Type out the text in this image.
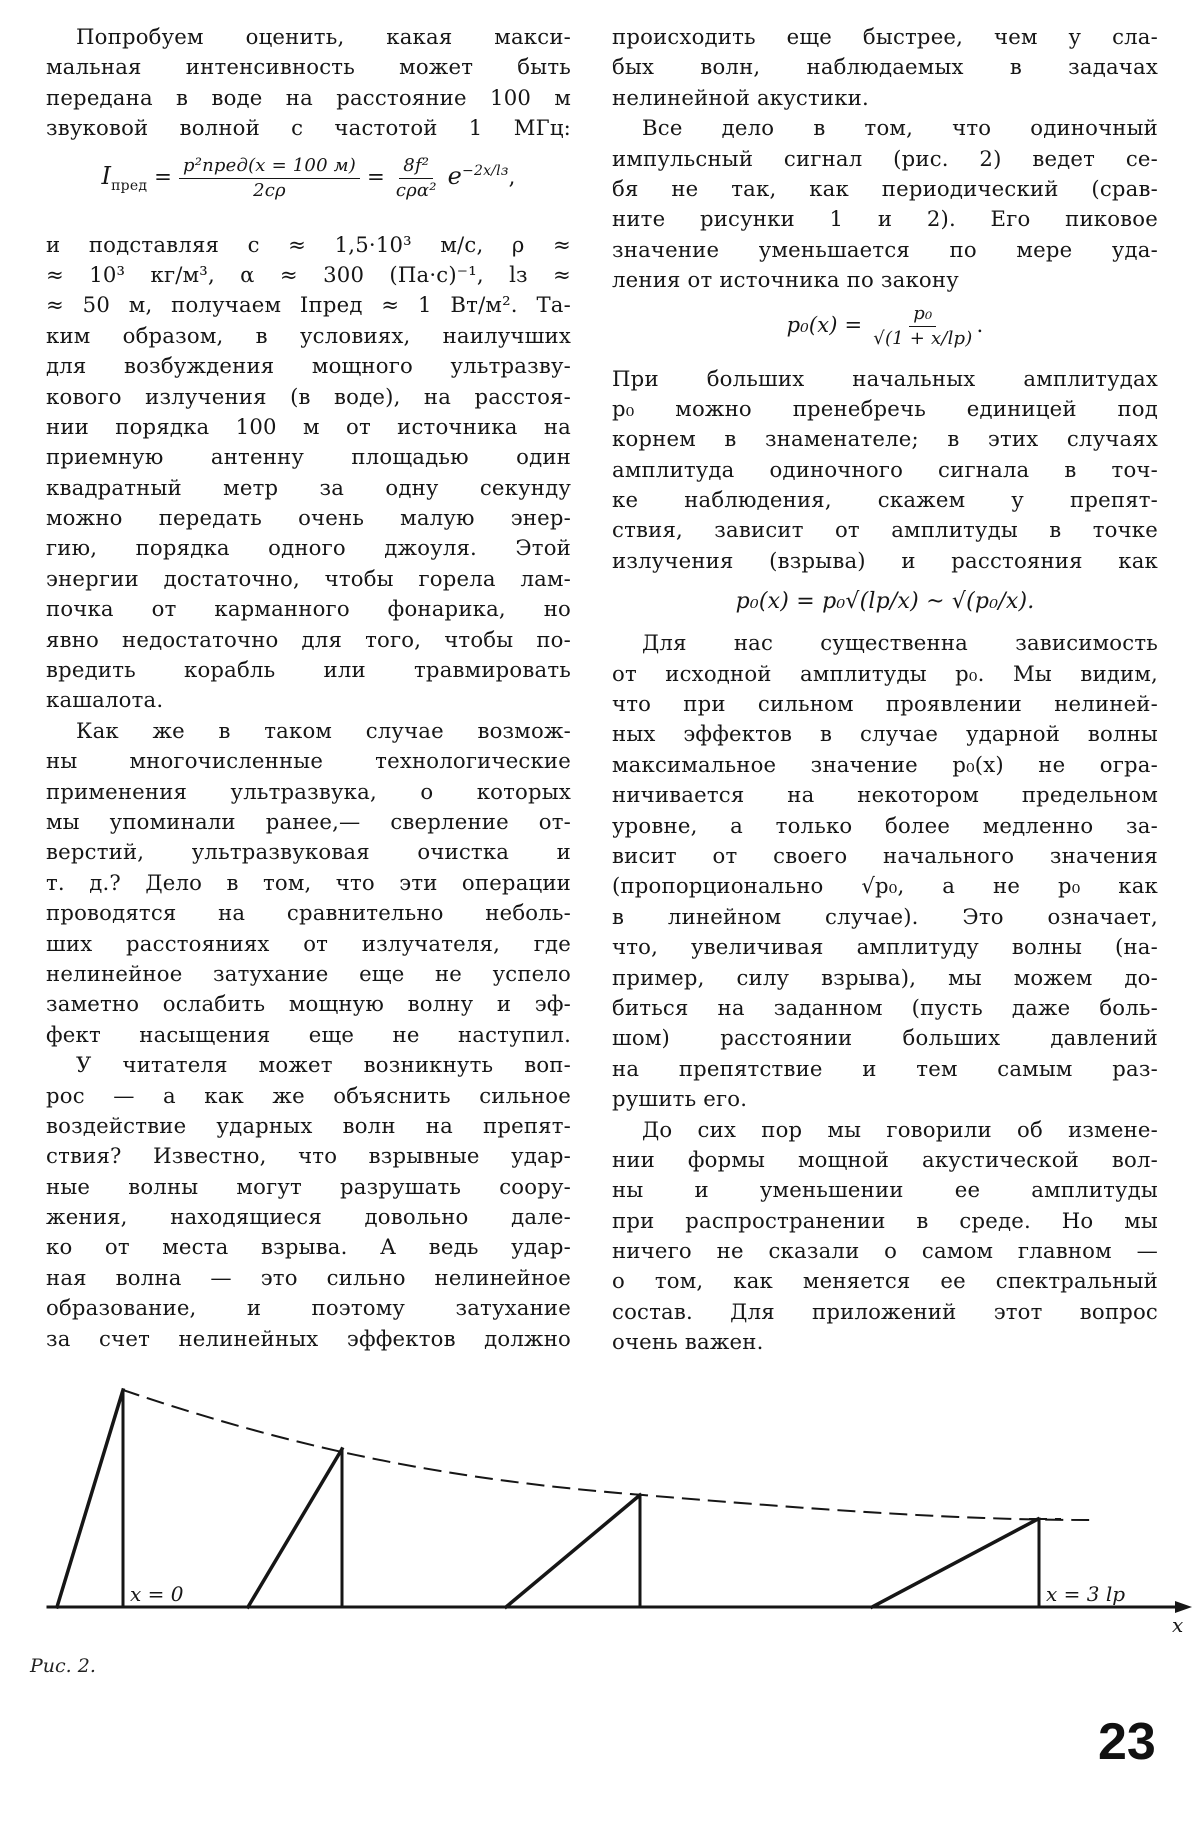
Попробуем оценить, какая макси-
мальная интенсивность может быть
передана в воде на расстояние 100 м
звуковой волной с частотой 1 МГц:
$I_{пред} = \frac{\text{p²пред(x = 100 м)}}{2c\rho} = \frac{\text{8f²}}{\text{cρα²}} e^{-2x/lз}$,
и подставляя c ≈ 1,5·10³ м/с, ρ ≈
≈ 10³ кг/м³, α ≈ 300 (Па·с)⁻¹, lз ≈
≈ 50 м, получаем Iпред ≈ 1 Вт/м². Та-
ким образом, в условиях, наилучших
для возбуждения мощного ультразву-
кового излучения (в воде), на расстоя-
нии порядка 100 м от источника на
приемную антенну площадью один
квадратный метр за одну секунду
можно передать очень малую энер-
гию, порядка одного джоуля. Этой
энергии достаточно, чтобы горела лам-
почка от карманного фонарика, но
явно недостаточно для того, чтобы по-
вредить корабль или травмировать
кашалота.
Как же в таком случае возмож-
ны многочисленные технологические
применения ультразвука, о которых
мы упоминали ранее,— сверление от-
верстий, ультразвуковая очистка и
т. д.? Дело в том, что эти операции
проводятся на сравнительно неболь-
ших расстояниях от излучателя, где
нелинейное затухание еще не успело
заметно ослабить мощную волну и эф-
фект насыщения еще не наступил.
У читателя может возникнуть воп-
рос — а как же объяснить сильное
воздействие ударных волн на препят-
ствия? Известно, что взрывные удар-
ные волны могут разрушать соору-
жения, находящиеся довольно дале-
ко от места взрыва. А ведь удар-
ная волна — это сильно нелинейное
образование, и поэтому затухание
за счет нелинейных эффектов должно
происходить еще быстрее, чем у сла-
бых волн, наблюдаемых в задачах
нелинейной акустики.
Все дело в том, что одиночный
импульсный сигнал (рис. 2) ведет се-
бя не так, как периодический (срав-
ните рисунки 1 и 2). Его пиковое
значение уменьшается по мере уда-
ления от источника по закону
$p_0(x) = \frac{\text{p₀}}{√(1 + x/lp)}$ .
При больших начальных амплитудах
p₀ можно пренебречь единицей под
корнем в знаменателе; в этих случаях
амплитуда одиночного сигнала в точ-
ке наблюдения, скажем у препят-
ствия, зависит от амплитуды в точке
излучения (взрыва) и расстояния как
p₀(x) = p₀√(lp/x) ~ √(p₀/x).
Для нас существенна зависимость
от исходной амплитуды p₀. Мы видим,
что при сильном проявлении нелиней-
ных эффектов в случае ударной волны
максимальное значение p₀(x) не огра-
ничивается на некотором предельном
уровне, а только более медленно за-
висит от своего начального значения
(пропорционально √p₀, а не p₀ как
в линейном случае). Это означает,
что, увеличивая амплитуду волны (на-
пример, силу взрыва), мы можем до-
биться на заданном (пусть даже боль-
шом) расстоянии больших давлений
на препятствие и тем самым раз-
рушить его.
До сих пор мы говорили об измене-
нии формы мощной акустической вол-
ны и уменьшении ее амплитуды
при распространении в среде. Но мы
ничего не сказали о самом главном —
о том, как меняется ее спектральный
состав. Для приложений этот вопрос
очень важен.
x = 0	x = 3 lp
x
Рис. 2.
23
